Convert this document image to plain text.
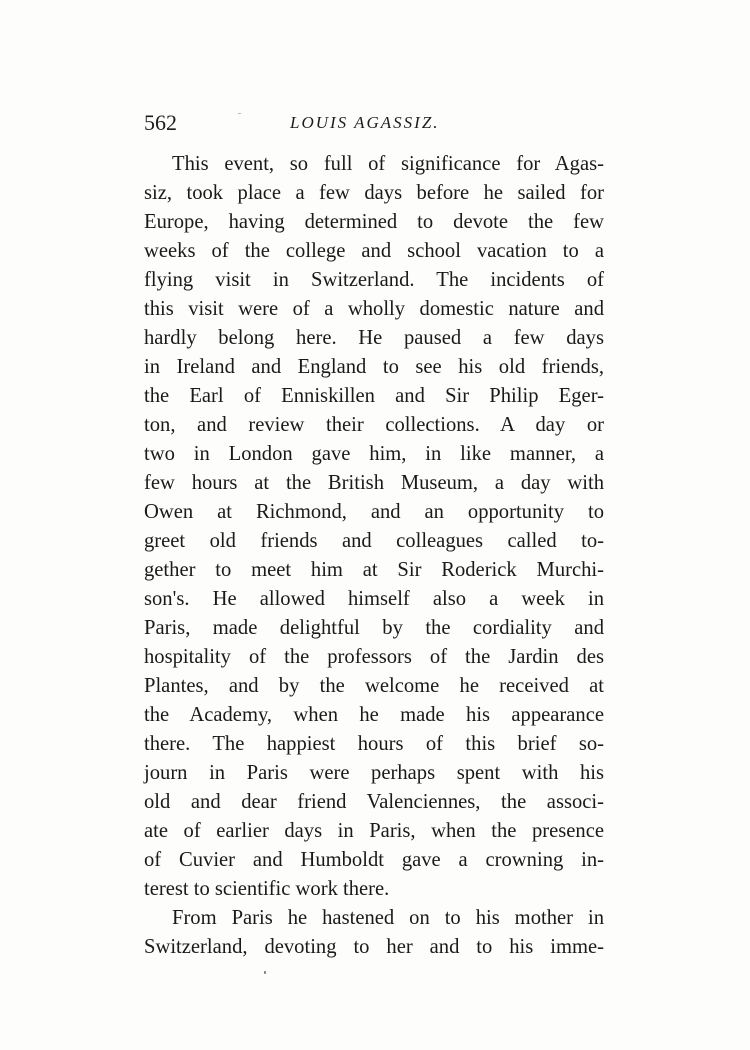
562	LOUIS AGASSIZ.
This event, so full of significance for Agas-
siz, took place a few days before he sailed for
Europe, having determined to devote the few
weeks of the college and school vacation to a
flying visit in Switzerland. The incidents of
this visit were of a wholly domestic nature and
hardly belong here. He paused a few days
in Ireland and England to see his old friends,
the Earl of Enniskillen and Sir Philip Eger-
ton, and review their collections. A day or
two in London gave him, in like manner, a
few hours at the British Museum, a day with
Owen at Richmond, and an opportunity to
greet old friends and colleagues called to-
gether to meet him at Sir Roderick Murchi-
son's. He allowed himself also a week in
Paris, made delightful by the cordiality and
hospitality of the professors of the Jardin des
Plantes, and by the welcome he received at
the Academy, when he made his appearance
there. The happiest hours of this brief so-
journ in Paris were perhaps spent with his
old and dear friend Valenciennes, the associ-
ate of earlier days in Paris, when the presence
of Cuvier and Humboldt gave a crowning in-
terest to scientific work there.
From Paris he hastened on to his mother in
Switzerland, devoting to her and to his imme-
